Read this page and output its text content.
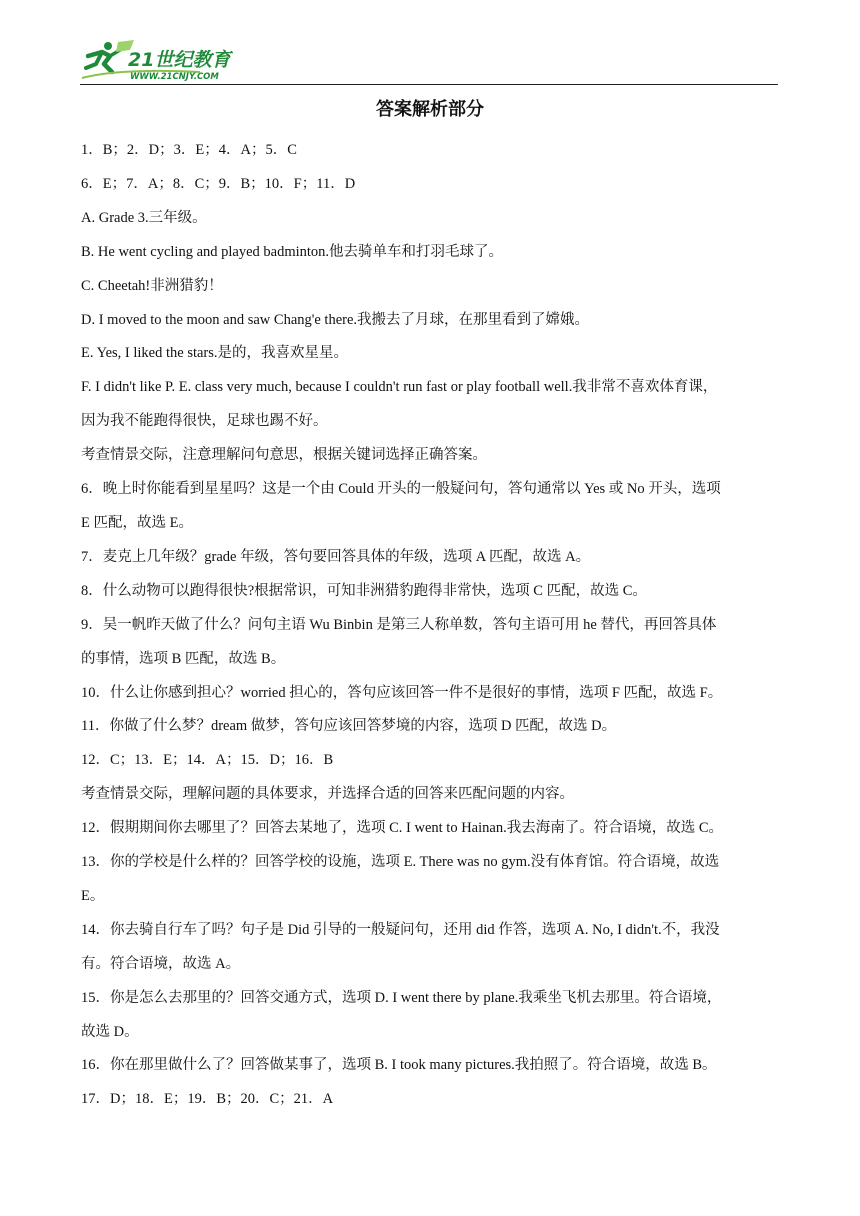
21世纪教育
WWW.21CNJY.COM
答案解析部分

1．B；2．D；3．E；4．A；5．C

6．E；7．A；8．C；9．B；10．F；11．D

A. Grade 3.三年级。

B. He went cycling and played badminton.他去骑单车和打羽毛球了。

C. Cheetah!非洲猎豹！

D. I moved to the moon and saw Chang'e there.我搬去了月球，在那里看到了嫦娥。

E. Yes, I liked the stars.是的，我喜欢星星。

F. I didn't like P. E. class very much, because I couldn't run fast or play football well.我非常不喜欢体育课，

因为我不能跑得很快，足球也踢不好。

考查情景交际，注意理解问句意思，根据关键词选择正确答案。

6．晚上时你能看到星星吗？这是一个由 Could 开头的一般疑问句，答句通常以 Yes 或 No 开头，选项

E 匹配，故选 E。

7．麦克上几年级？grade 年级，答句要回答具体的年级，选项 A 匹配，故选 A。

8．什么动物可以跑得很快?根据常识，可知非洲猎豹跑得非常快，选项 C 匹配，故选 C。

9．吴一帆昨天做了什么？问句主语 Wu Binbin 是第三人称单数，答句主语可用 he 替代，再回答具体

的事情，选项 B 匹配，故选 B。

10．什么让你感到担心？worried 担心的，答句应该回答一件不是很好的事情，选项 F 匹配，故选 F。

11．你做了什么梦？dream 做梦，答句应该回答梦境的内容，选项 D 匹配，故选 D。

12．C；13．E；14．A；15．D；16．B

考查情景交际，理解问题的具体要求，并选择合适的回答来匹配问题的内容。

12．假期期间你去哪里了？回答去某地了，选项 C. I went to Hainan.我去海南了。符合语境，故选 C。

13．你的学校是什么样的？回答学校的设施，选项 E. There was no gym.没有体育馆。符合语境，故选

E。

14．你去骑自行车了吗？句子是 Did 引导的一般疑问句，还用 did 作答，选项 A. No, I didn't.不，我没

有。符合语境，故选 A。

15．你是怎么去那里的？回答交通方式，选项 D. I went there by plane.我乘坐飞机去那里。符合语境，

故选 D。

16．你在那里做什么了？回答做某事了，选项 B. I took many pictures.我拍照了。符合语境，故选 B。

17．D；18．E；19．B；20．C；21．A
